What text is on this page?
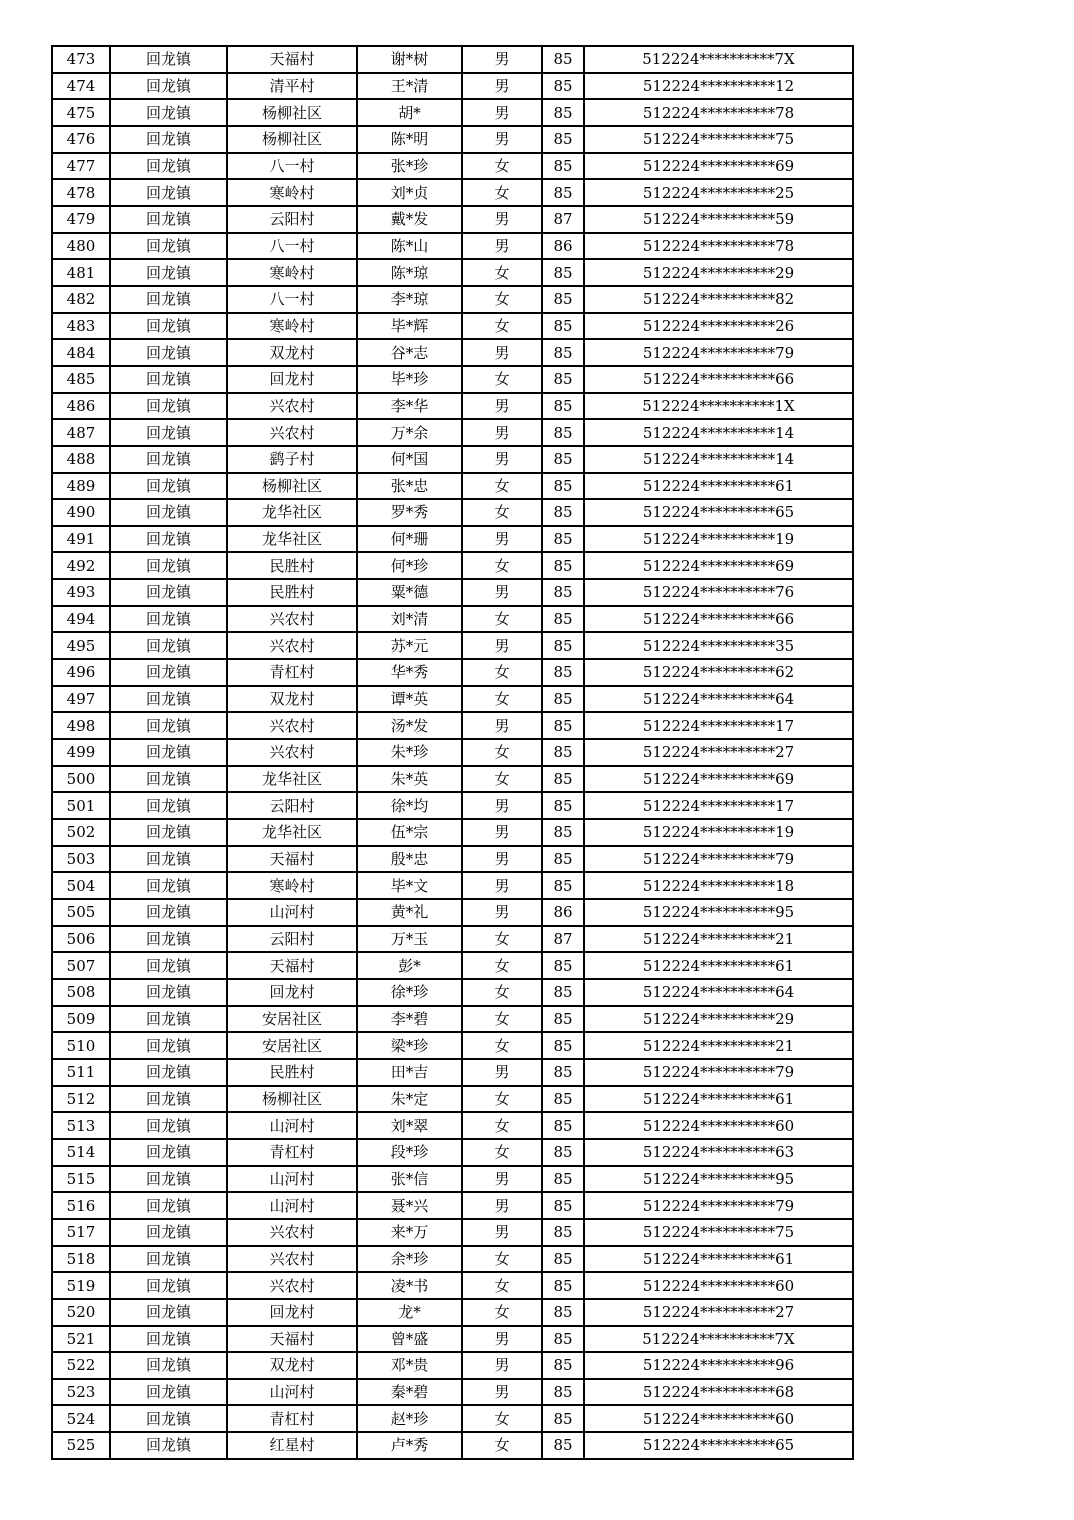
473	回龙镇	天福村	谢*树	男	85	512224**********7X
474	回龙镇	清平村	王*清	男	85	512224**********12
475	回龙镇	杨柳社区	胡*	男	85	512224**********78
476	回龙镇	杨柳社区	陈*明	男	85	512224**********75
477	回龙镇	八一村	张*珍	女	85	512224**********69
478	回龙镇	寒岭村	刘*贞	女	85	512224**********25
479	回龙镇	云阳村	戴*发	男	87	512224**********59
480	回龙镇	八一村	陈*山	男	86	512224**********78
481	回龙镇	寒岭村	陈*琼	女	85	512224**********29
482	回龙镇	八一村	李*琼	女	85	512224**********82
483	回龙镇	寒岭村	毕*辉	女	85	512224**********26
484	回龙镇	双龙村	谷*志	男	85	512224**********79
485	回龙镇	回龙村	毕*珍	女	85	512224**********66
486	回龙镇	兴农村	李*华	男	85	512224**********1X
487	回龙镇	兴农村	万*余	男	85	512224**********14
488	回龙镇	鹞子村	何*国	男	85	512224**********14
489	回龙镇	杨柳社区	张*忠	女	85	512224**********61
490	回龙镇	龙华社区	罗*秀	女	85	512224**********65
491	回龙镇	龙华社区	何*珊	男	85	512224**********19
492	回龙镇	民胜村	何*珍	女	85	512224**********69
493	回龙镇	民胜村	粟*德	男	85	512224**********76
494	回龙镇	兴农村	刘*清	女	85	512224**********66
495	回龙镇	兴农村	苏*元	男	85	512224**********35
496	回龙镇	青杠村	华*秀	女	85	512224**********62
497	回龙镇	双龙村	谭*英	女	85	512224**********64
498	回龙镇	兴农村	汤*发	男	85	512224**********17
499	回龙镇	兴农村	朱*珍	女	85	512224**********27
500	回龙镇	龙华社区	朱*英	女	85	512224**********69
501	回龙镇	云阳村	徐*均	男	85	512224**********17
502	回龙镇	龙华社区	伍*宗	男	85	512224**********19
503	回龙镇	天福村	殷*忠	男	85	512224**********79
504	回龙镇	寒岭村	毕*文	男	85	512224**********18
505	回龙镇	山河村	黄*礼	男	86	512224**********95
506	回龙镇	云阳村	万*玉	女	87	512224**********21
507	回龙镇	天福村	彭*	女	85	512224**********61
508	回龙镇	回龙村	徐*珍	女	85	512224**********64
509	回龙镇	安居社区	李*碧	女	85	512224**********29
510	回龙镇	安居社区	梁*珍	女	85	512224**********21
511	回龙镇	民胜村	田*吉	男	85	512224**********79
512	回龙镇	杨柳社区	朱*定	女	85	512224**********61
513	回龙镇	山河村	刘*翠	女	85	512224**********60
514	回龙镇	青杠村	段*珍	女	85	512224**********63
515	回龙镇	山河村	张*信	男	85	512224**********95
516	回龙镇	山河村	聂*兴	男	85	512224**********79
517	回龙镇	兴农村	来*万	男	85	512224**********75
518	回龙镇	兴农村	余*珍	女	85	512224**********61
519	回龙镇	兴农村	凌*书	女	85	512224**********60
520	回龙镇	回龙村	龙*	女	85	512224**********27
521	回龙镇	天福村	曾*盛	男	85	512224**********7X
522	回龙镇	双龙村	邓*贵	男	85	512224**********96
523	回龙镇	山河村	秦*碧	男	85	512224**********68
524	回龙镇	青杠村	赵*珍	女	85	512224**********60
525	回龙镇	红星村	卢*秀	女	85	512224**********65
